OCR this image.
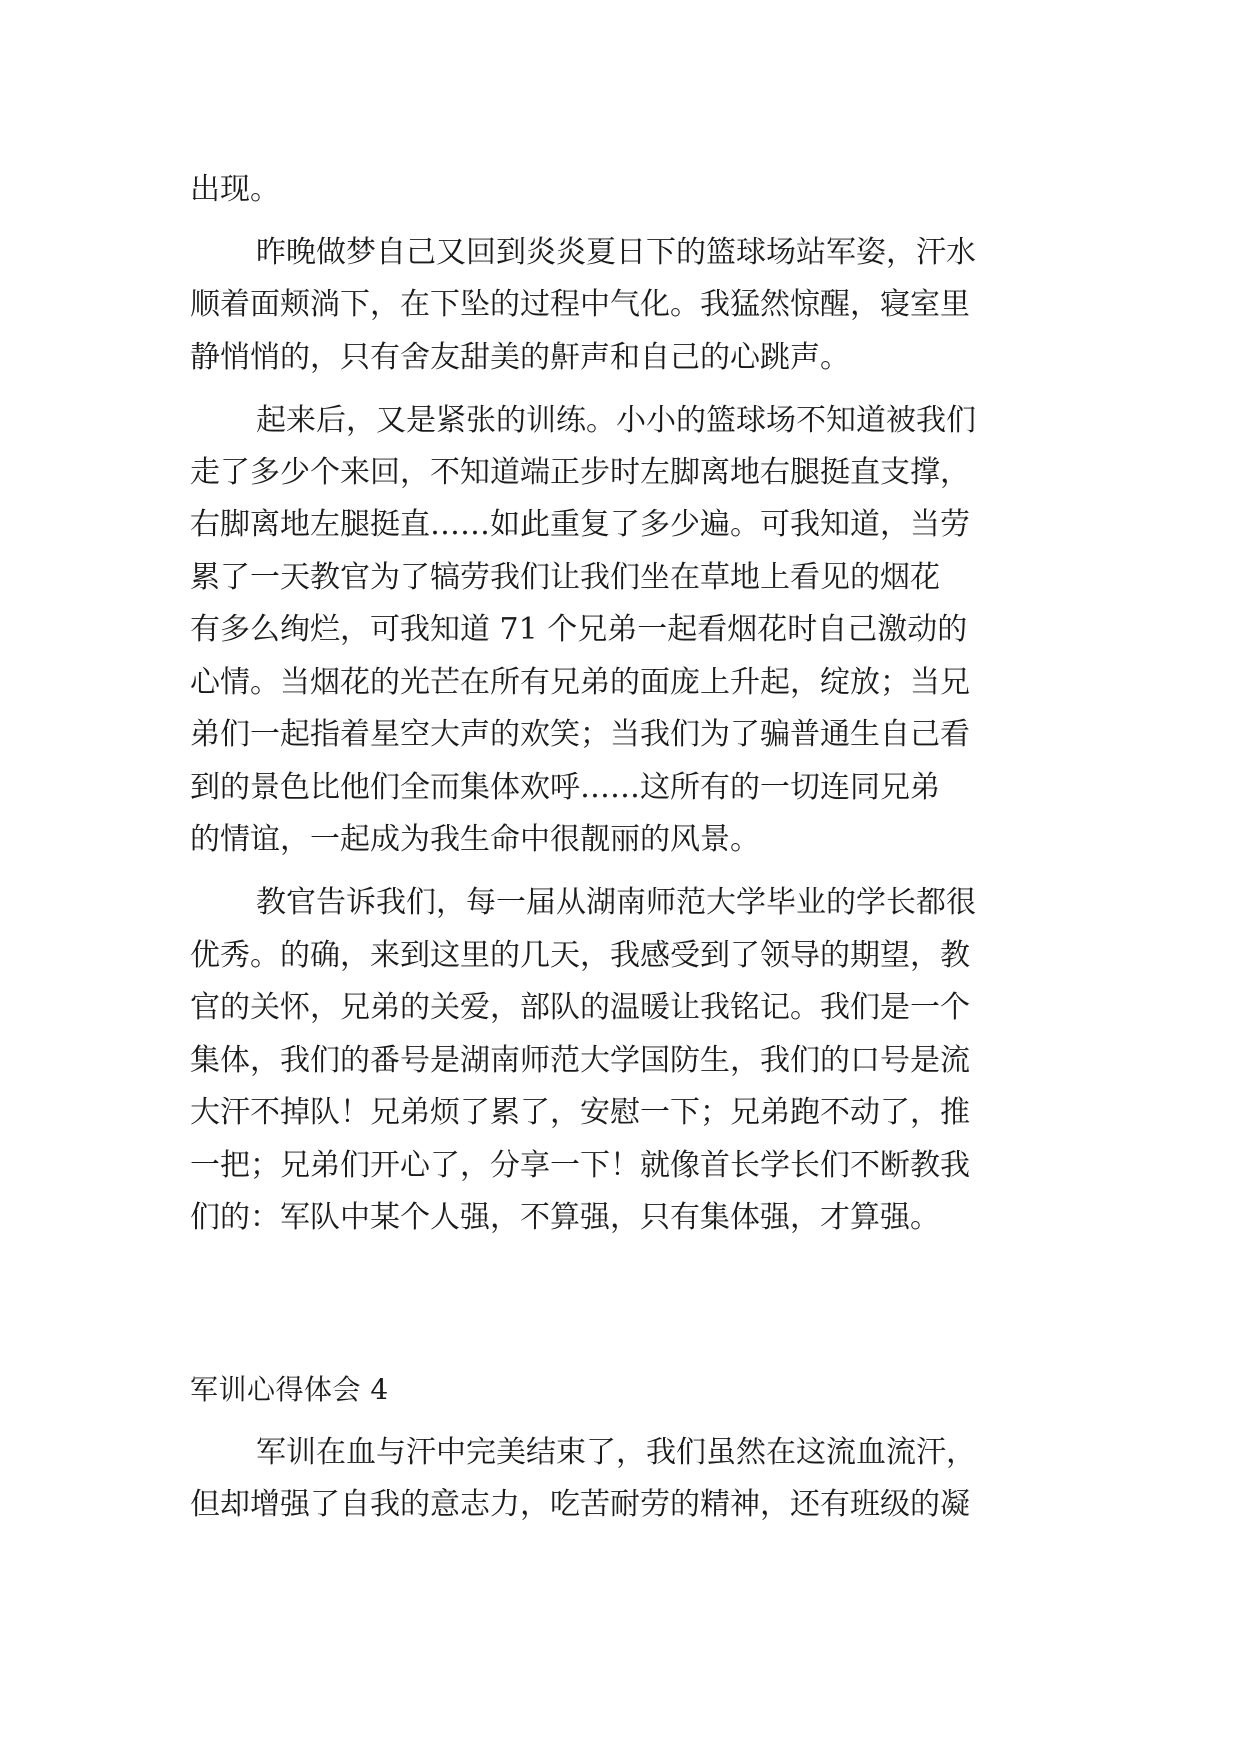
出现。

昨晚做梦自己又回到炎炎夏日下的篮球场站军姿，汗水

顺着面颊淌下，在下坠的过程中气化。我猛然惊醒，寝室里

静悄悄的，只有舍友甜美的鼾声和自己的心跳声。

起来后，又是紧张的训练。小小的篮球场不知道被我们

走了多少个来回，不知道端正步时左脚离地右腿挺直支撑，

右脚离地左腿挺直……如此重复了多少遍。可我知道，当劳

累了一天教官为了犒劳我们让我们坐在草地上看见的烟花

有多么绚烂，可我知道 71 个兄弟一起看烟花时自己激动的

心情。当烟花的光芒在所有兄弟的面庞上升起，绽放；当兄

弟们一起指着星空大声的欢笑；当我们为了骗普通生自己看

到的景色比他们全而集体欢呼……这所有的一切连同兄弟

的情谊，一起成为我生命中很靓丽的风景。

教官告诉我们，每一届从湖南师范大学毕业的学长都很

优秀。的确，来到这里的几天，我感受到了领导的期望，教

官的关怀，兄弟的关爱，部队的温暖让我铭记。我们是一个

集体，我们的番号是湖南师范大学国防生，我们的口号是流

大汗不掉队！兄弟烦了累了，安慰一下；兄弟跑不动了，推

一把；兄弟们开心了，分享一下！就像首长学长们不断教我

们的：军队中某个人强，不算强，只有集体强，才算强。

军训心得体会 4

军训在血与汗中完美结束了，我们虽然在这流血流汗，

但却增强了自我的意志力，吃苦耐劳的精神，还有班级的凝
